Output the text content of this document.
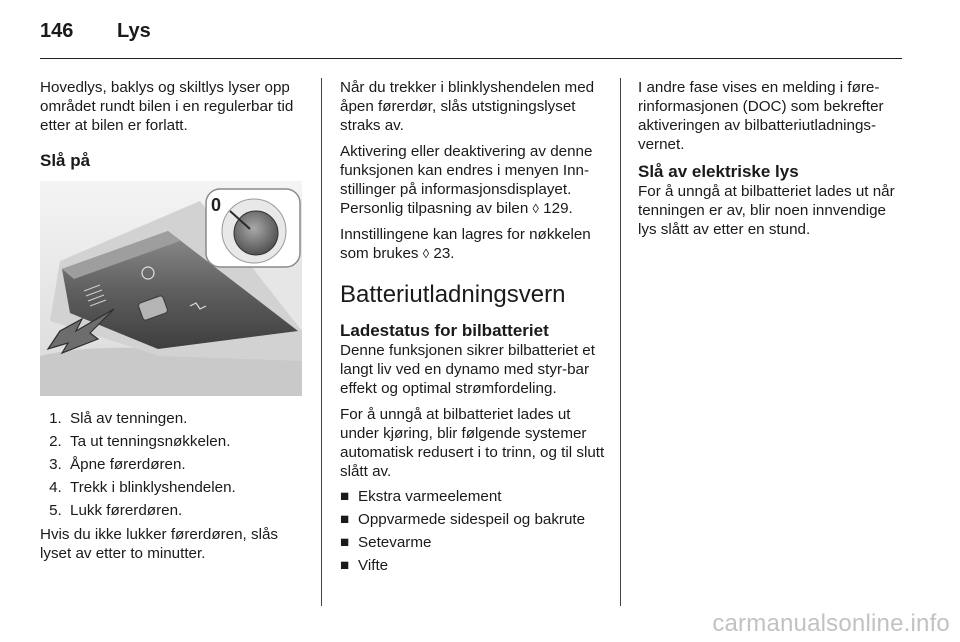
146 Lys

Hovedlys, baklys og skiltlys lyser opp området rundt bilen i en regulerbar tid etter at bilen er forlatt.

Slå på
0
1. Slå av tenningen.
2. Ta ut tenningsnøkkelen.
3. Åpne førerdøren.
4. Trekk i blinklyshendelen.
5. Lukk førerdøren.

Hvis du ikke lukker førerdøren, slås lyset av etter to minutter.

Når du trekker i blinklyshendelen med åpen førerdør, slås utstigningslyset straks av.

Aktivering eller deaktivering av denne funksjonen kan endres i menyen Inn-stillinger på informasjonsdisplayet. Personlig tilpasning av bilen ◊ 129.

Innstillingene kan lagres for nøkkelen som brukes ◊ 23.

Batteriutladningsvern
Ladestatus for bilbatteriet

Denne funksjonen sikrer bilbatteriet et langt liv ved en dynamo med styr-bar effekt og optimal strømfordeling.

For å unngå at bilbatteriet lades ut under kjøring, blir følgende systemer automatisk redusert i to trinn, og til slutt slått av.

■ Ekstra varmeelement
■ Oppvarmede sidespeil og bakrute
■ Setevarme
■ Vifte

I andre fase vises en melding i føre-rinformasjonen (DOC) som bekrefter aktiveringen av bilbatteriutladnings-vernet.

Slå av elektriske lys

For å unngå at bilbatteriet lades ut når tenningen er av, blir noen innvendige lys slått av etter en stund.

carmanualsonline.info
